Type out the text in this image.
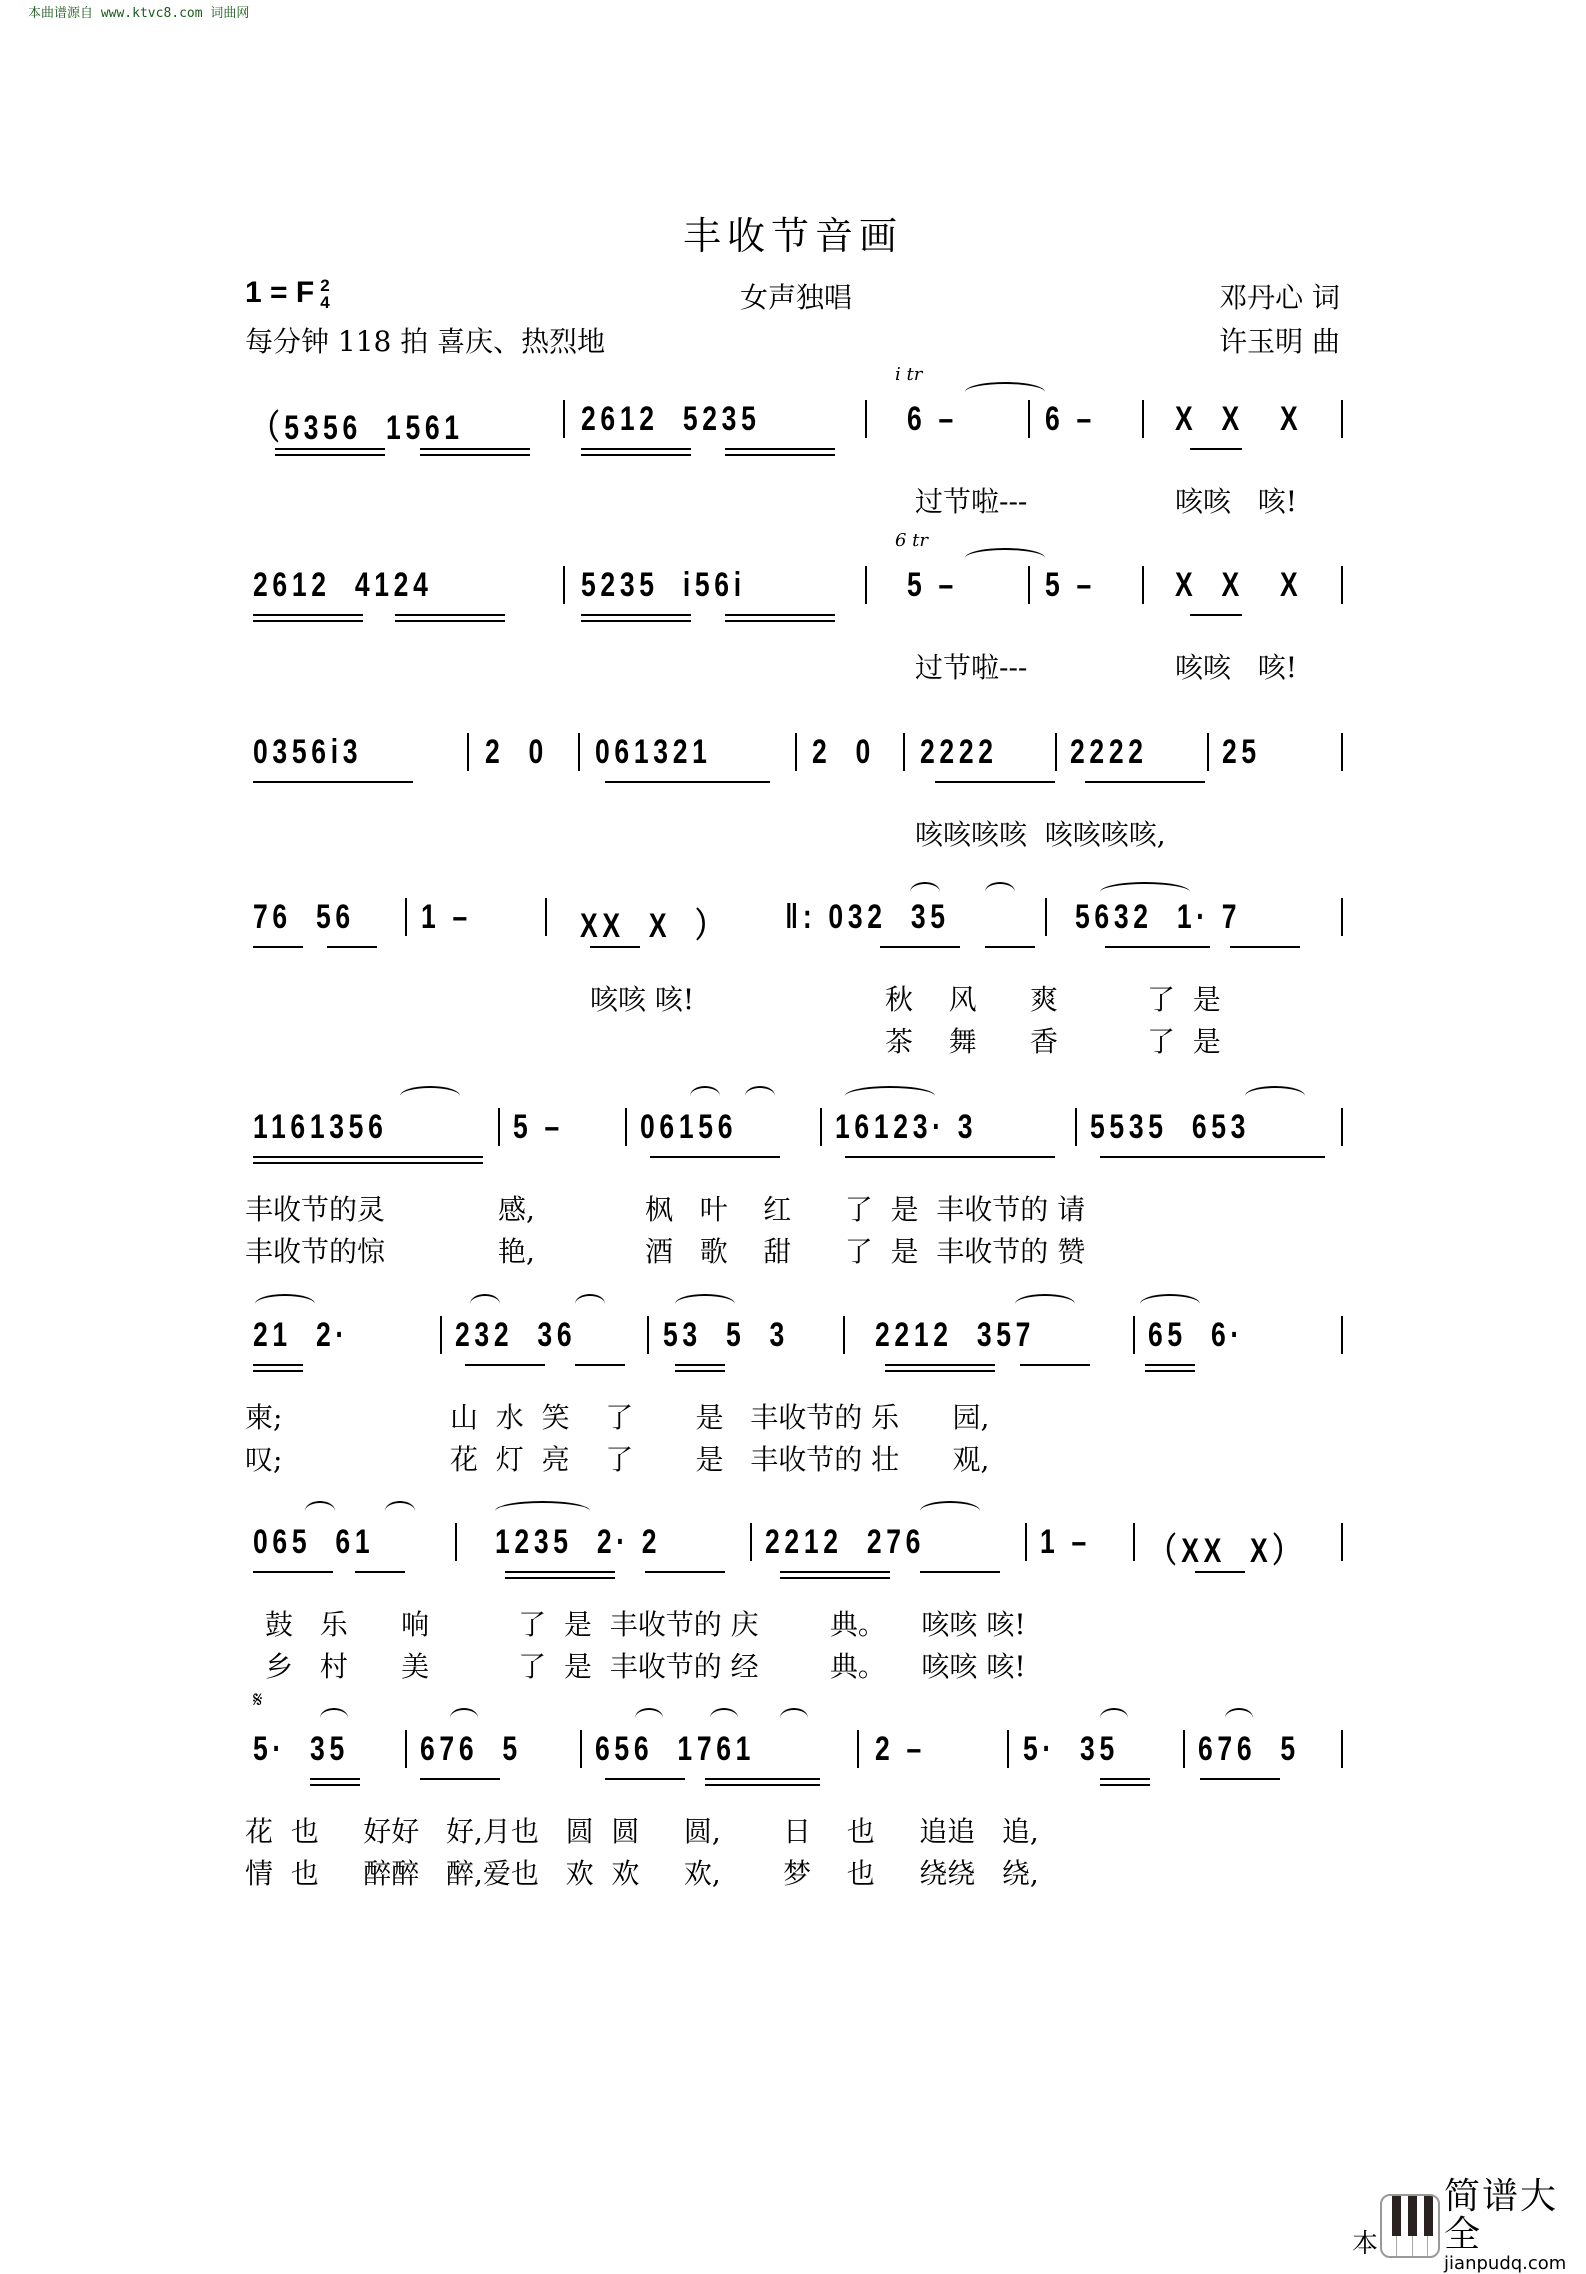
本曲谱源自 www.ktvc8.com 词曲网
丰收节音画
1 = F 2
4
每分钟 118 拍 喜庆、热烈地
女声独唱	邓丹心 词
许玉明 曲
（5356  1561	2612  5235
i tr
6 –	6 – X  X   X
过节啦---	咳咳   咳!
2612  4124	5235  i56i
6 tr
5 –	5 – X  X   X
过节啦---	咳咳   咳!
0356i3	2  0 061321	2  0 2222 2222 25
咳咳咳咳  咳咳咳咳,
76  56 1 –	XX  X  ） ‖: 032  35	5632  1· 7
咳咳 咳!	秋    风      爽          了  是
茶    舞      香          了  是
1161356	5 – 06156	16123· 3	5535  653
丰收节的灵	感,	枫   叶    红      了  是  丰收节的 请
丰收节的惊	艳,	酒   歌    甜      了  是  丰收节的 赞
21  2·	232  36	53  5  3	2212  357	65  6·
柬;	山  水  笑    了       是   丰收节的 乐      园,
叹;	花  灯  亮    了       是   丰收节的 壮      观,
065  61	1235  2· 2	2212  276	1 – （XX  X）
鼓   乐      响          了  是  丰收节的 庆        典。    咳咳 咳!
乡   村      美          了  是  丰收节的 经        典。    咳咳 咳!
𝄋
5·  35 676  5 656  1761	2 –	5·  35 676  5
花  也     好好   好,月也   圆  圆     圆,       日    也     追追   追,
情  也     醉醉   醉,爱也   欢  欢     欢,       梦    也     绕绕   绕,
本
简谱大全
jianpudq.com
